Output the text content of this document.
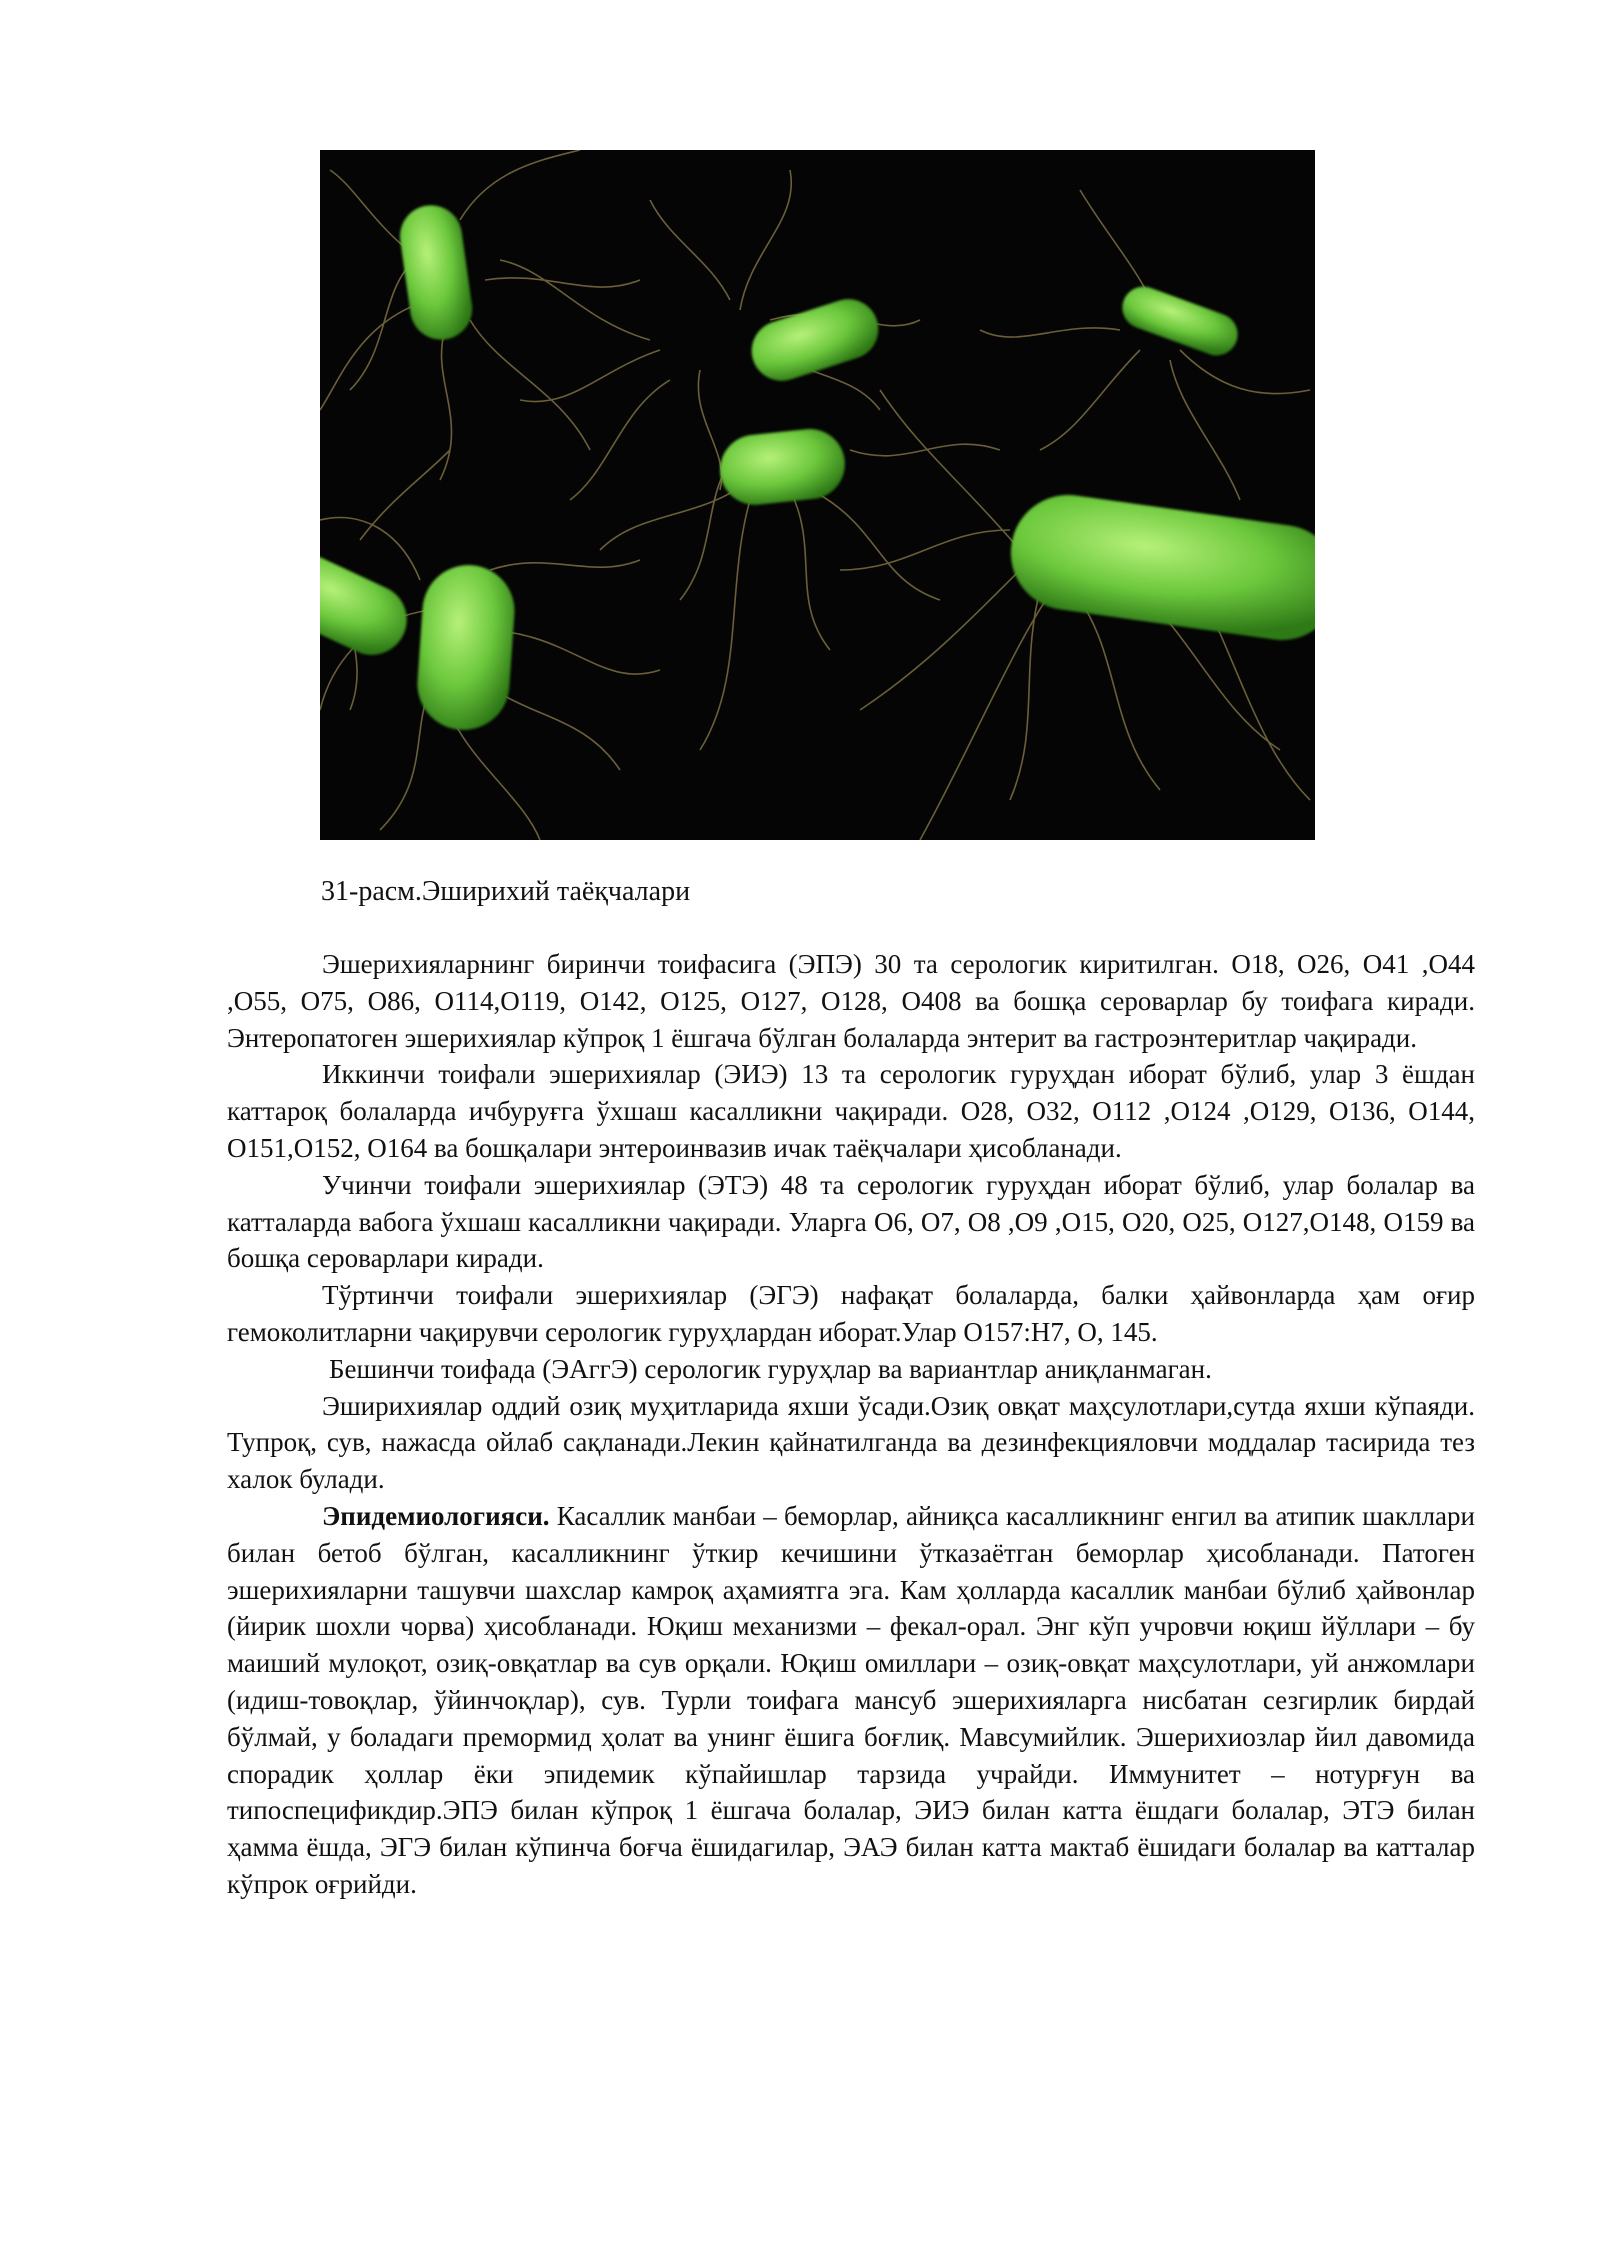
31-расм.Эширихий таёқчалари

Эшерихияларнинг биринчи тоифасига (ЭПЭ) 30 та серологик киритилган. О18, О26, О41 ,О44 ,О55, О75, О86, О114,О119, О142, О125, О127, О128, О408 ва бошқа сероварлар бу тоифага киради. Энтеропатоген эшерихиялар кўпроқ 1 ёшгача бўлган болаларда энтерит ва гастроэнтеритлар чақиради.

Иккинчи тоифали эшерихиялар (ЭИЭ) 13 та серологик гуруҳдан иборат бўлиб, улар 3 ёшдан каттароқ болаларда ичбуруғга ўхшаш касалликни чақиради. О28, О32, О112 ,О124 ,О129, О136, О144, О151,О152, О164 ва бошқалари энтероинвазив ичак таёқчалари ҳисобланади.

Учинчи тоифали эшерихиялар (ЭТЭ) 48 та серологик гуруҳдан иборат бўлиб, улар болалар ва катталарда вабога ўхшаш касалликни чақиради. Уларга О6, О7, О8 ,О9 ,О15, О20, О25, О127,О148, О159 ва бошқа сероварлари киради.

Тўртинчи тоифали эшерихиялар (ЭГЭ) нафақат болаларда, балки ҳайвонларда ҳам оғир гемоколитларни чақирувчи серологик гуруҳлардан иборат.Улар О157:Н7, О, 145.

Бешинчи тоифада (ЭАггЭ) серологик гуруҳлар ва вариантлар аниқланмаган.

Эширихиялар оддий озиқ муҳитларида яхши ўсади.Озиқ овқат маҳсулотлари,сутда яхши кўпаяди. Тупроқ, сув, нажасда ойлаб сақланади.Лекин қайнатилганда ва дезинфекцияловчи моддалар тасирида тез халок булади.

Эпидемиологияси. Касаллик манбаи – беморлар, айниқса касалликнинг енгил ва атипик шакллари билан бетоб бўлган, касалликнинг ўткир кечишини ўтказаётган беморлар ҳисобланади. Патоген эшерихияларни ташувчи шахслар камроқ аҳамиятга эга. Кам ҳолларда касаллик манбаи бўлиб ҳайвонлар (йирик шохли чорва) ҳисобланади. Юқиш механизми – фекал-орал. Энг кўп учровчи юқиш йўллари – бу маиший мулоқот, озиқ-овқатлар ва сув орқали. Юқиш омиллари – озиқ-овқат маҳсулотлари, уй анжомлари (идиш-товоқлар, ўйинчоқлар), сув. Турли тоифага мансуб эшерихияларга нисбатан сезгирлик бирдай бўлмай, у боладаги премормид ҳолат ва унинг ёшига боғлиқ. Мавсумийлик. Эшерихиозлар йил давомида спорадик ҳоллар ёки эпидемик кўпайишлар тарзида учрайди. Иммунитет – нотурғун ва типоспецификдир.ЭПЭ билан кўпроқ 1 ёшгача болалар, ЭИЭ билан катта ёшдаги болалар, ЭТЭ билан ҳамма ёшда, ЭГЭ билан кўпинча боғча ёшидагилар, ЭАЭ билан катта мактаб ёшидаги болалар ва катталар кўпрок оғрийди.
